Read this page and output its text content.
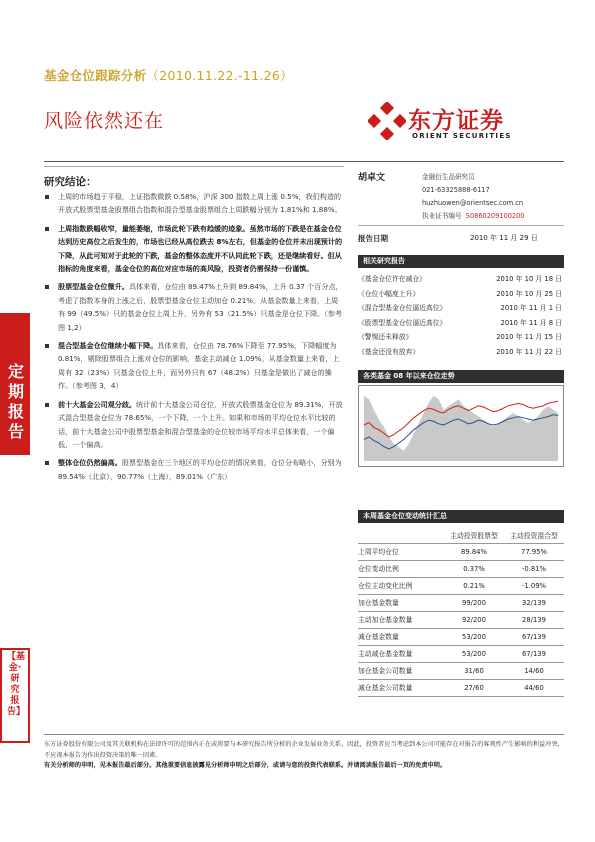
基金仓位跟踪分析（2010.11.22.-11.26）
风险依然还在	东方证券
ORIENT SECURITIES
研究结论：
上周的市场趋于平稳，上证指数微跌 0.58%，沪深 300 指数上周上涨 0.5%，我们构造的开放式股票型基金股票组合指数和混合型基金股票组合上周跌幅分别为 1.81%和 1.88%。
上周指数跌幅收窄，量能萎缩，市场此轮下跌有趋缓的迹象。虽然市场的下跌是在基金仓位达到历史高位之后发生的，市场也已经从高位跌去 8%左右，但基金的仓位并未出现预计的下降，从此可知对于此轮的下跌，基金的整体态度并不认同此轮下跌，还是继续看好。但从指标的角度来看，基金仓位的高位对应市场的高风险，投资者仍需保持一份谨慎。
股票型基金仓位微升。具体来看，仓位由 89.47%上升到 89.84%，上升 0.37 个百分点，考虑了指数本身的上涨之后，股票型基金仓位主动加仓 0.21%。从基金数量上来看，上周有 99（49.5%）只的基金仓位上周上升，另外有 53（21.5%）只基金是仓位下降。（参考图 1,2）
混合型基金仓位继续小幅下降。具体来看，仓位由 78.76%下降至 77.95%，下降幅度为 0.81%，剔除股票组合上涨对仓位的影响，基金主动减仓 1.09%。从基金数量上来看，上周有 32（23%）只基金仓位上升，而另外只有 67（48.2%）只基金是做出了减仓的操作。（参考图 3，4）
前十大基金公司观分歧。统计前十大基金公司仓位，开放式股票基金仓位为 89.31%，开放式混合型基金仓位为 78.65%，一个下降，一个上升。如果和市场的平均仓位水平比较的话，前十大基金公司中股票型基金和混合型基金的仓位较市场平均水平总体来看，一个偏低，一个偏高。
整体仓位仍然偏高。股票型基金在三个地区的平均仓位的情况来看，仓位分布略小，分别为 89.54%（北京），90.77%（上海），89.01%（广东）
定期报告
【基金·研究报告】
胡卓文	金融衍生品研究员
021-63325888-6117
huzhuowen@orientsec.com.cn
执业证书编号 S0860209100200
报告日期	2010 年 11 月 29 日
相关研究报告
《基金仓位许在减仓》	2010 年 10 月 18 日
《仓位小幅度上升》	2010 年 10 月 25 日
《混合型基金仓位逼近高位》	2010 年 11 月 1 日
《股票型基金仓位逼近高位》	2010 年 11 月 8 日
《警惕还未释放》	2010 年 11 月 15 日
《基金还没有放弃》	2010 年 11 月 22 日
各类基金 08 年以来仓位走势
本周基金仓位变动统计汇总
主动投资股票型	主动投资混合型
上周平均仓位	89.84%	77.95%
仓位变动比例	0.37%	-0.81%
仓位主动变化比例	0.21%	-1.09%
加仓基金数量	99/200	32/139
主动加仓基金数量	92/200	28/139
减仓基金数量	53/200	67/139
主动减仓基金数量	53/200	67/139
加仓基金公司数量	31/60	14/60
减仓基金公司数量	27/60	44/60
东方证券股份有限公司及其关联机构在法律许可的范围内正在或将要与本研究报告所分析的企业发展业务关系。因此，投资者应当考虑到本公司可能存在对报告的客观性产生影响的利益冲突，不应视本报告为作出投资决策的唯一因素。
有关分析师的申明，见本报告最后部分。其他重要信息披露见分析师申明之后部分，或请与您的投资代表联系。并请阅读报告最后一页的免责申明。
